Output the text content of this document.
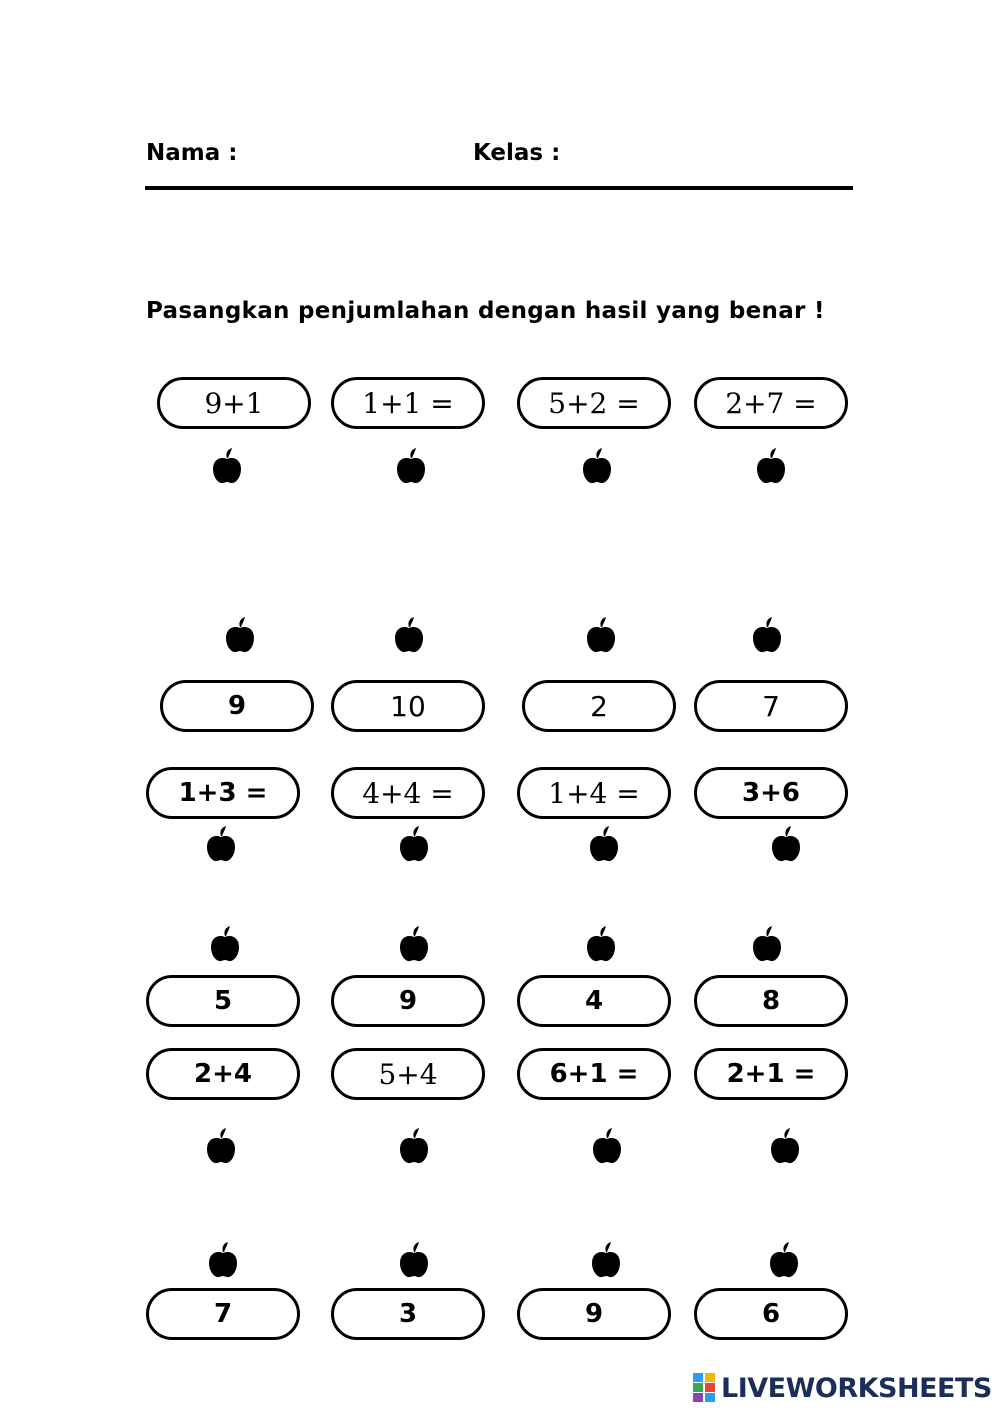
Nama :	Kelas :
Pasangkan penjumlahan dengan hasil yang benar !
9+1	1+1 =	5+2 =	2+7 =
9	10	2	7
1+3 =	4+4 =	1+4 =	3+6
5	9	4	8
2+4	5+4	6+1 =	2+1 =
7	3	9	6
LIVEWORKSHEETS
